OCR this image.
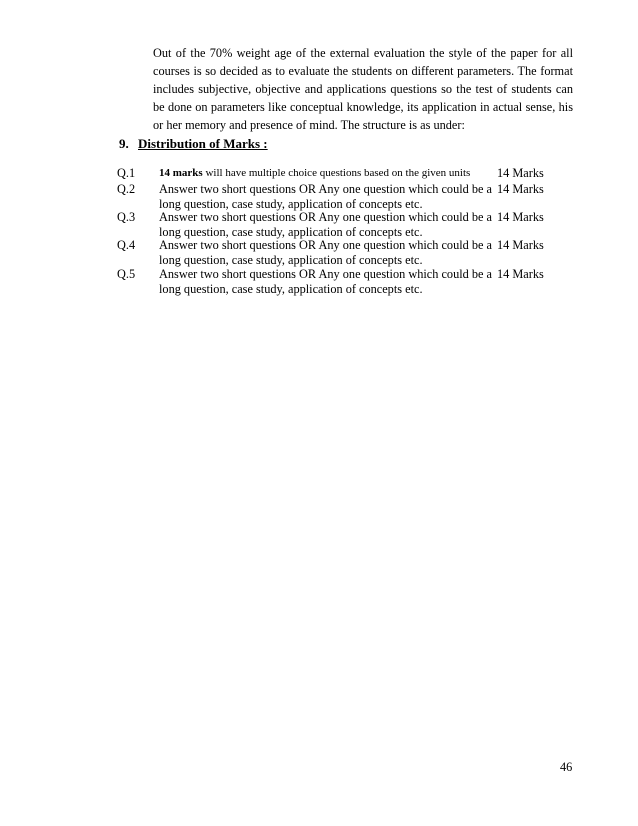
Out of the 70% weight age of the external evaluation the style of the paper for all courses is so decided as to evaluate the students on different parameters. The format includes subjective, objective and applications questions so the test of students can be done on parameters like conceptual knowledge, its application in actual sense, his or her memory and presence of mind. The structure is as under:
9. Distribution of Marks :
Q.1 14 marks will have multiple choice questions based on the given units	14 Marks
Q.2 Answer two short questions OR Any one question which could be a long question, case study, application of concepts etc.
14 Marks
Q.3 Answer two short questions OR Any one question which could be a long question, case study, application of concepts etc.
14 Marks
Q.4 Answer two short questions OR Any one question which could be a long question, case study, application of concepts etc.
14 Marks
Q.5 Answer two short questions OR Any one question which could be a long question, case study, application of concepts etc.
14 Marks
46
